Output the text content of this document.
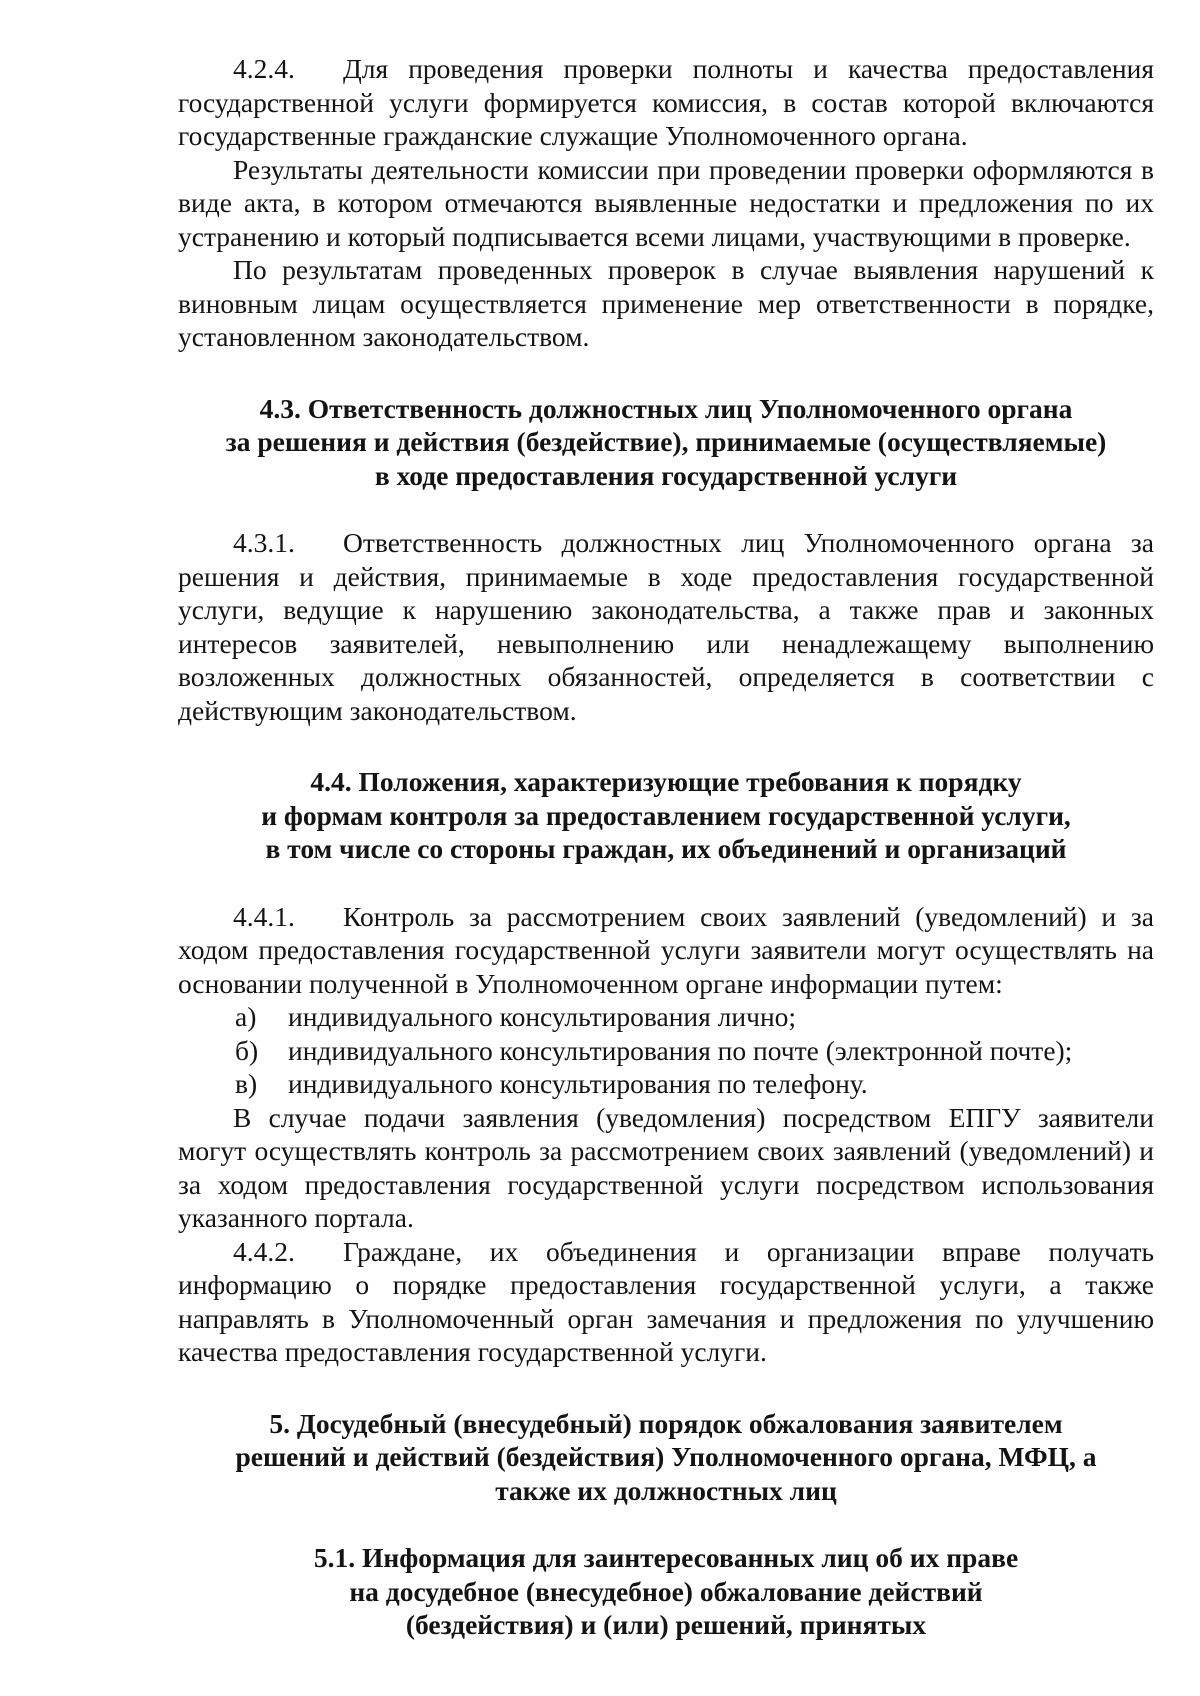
4.2.4. Для проведения проверки полноты и качества предоставления государственной услуги формируется комиссия, в состав которой включаются государственные гражданские служащие Уполномоченного органа.

Результаты деятельности комиссии при проведении проверки оформляются в виде акта, в котором отмечаются выявленные недостатки и предложения по их устранению и который подписывается всеми лицами, участвующими в проверке.

По результатам проведенных проверок в случае выявления нарушений к виновным лицам осуществляется применение мер ответственности в порядке, установленном законодательством.

4.3. Ответственность должностных лиц Уполномоченного органа
за решения и действия (бездействие), принимаемые (осуществляемые)
в ходе предоставления государственной услуги

4.3.1. Ответственность должностных лиц Уполномоченного органа за решения и действия, принимаемые в ходе предоставления государственной услуги, ведущие к нарушению законодательства, а также прав и законных интересов заявителей, невыполнению или ненадлежащему выполнению возложенных должностных обязанностей, определяется в соответствии с действующим законодательством.

4.4. Положения, характеризующие требования к порядку
и формам контроля за предоставлением государственной услуги,
в том числе со стороны граждан, их объединений и организаций

4.4.1. Контроль за рассмотрением своих заявлений (уведомлений) и за ходом предоставления государственной услуги заявители могут осуществлять на основании полученной в Уполномоченном органе информации путем:

а)	индивидуального консультирования лично;
б)	индивидуального консультирования по почте (электронной почте);
в)	индивидуального консультирования по телефону.

В случае подачи заявления (уведомления) посредством ЕПГУ заявители могут осуществлять контроль за рассмотрением своих заявлений (уведомлений) и за ходом предоставления государственной услуги посредством использования указанного портала.

4.4.2. Граждане, их объединения и организации вправе получать информацию о порядке предоставления государственной услуги, а также направлять в Уполномоченный орган замечания и предложения по улучшению качества предоставления государственной услуги.

5. Досудебный (внесудебный) порядок обжалования заявителем
решений и действий (бездействия) Уполномоченного органа, МФЦ, а
также их должностных лиц
5.1. Информация для заинтересованных лиц об их праве
на досудебное (внесудебное) обжалование действий
(бездействия) и (или) решений, принятых
